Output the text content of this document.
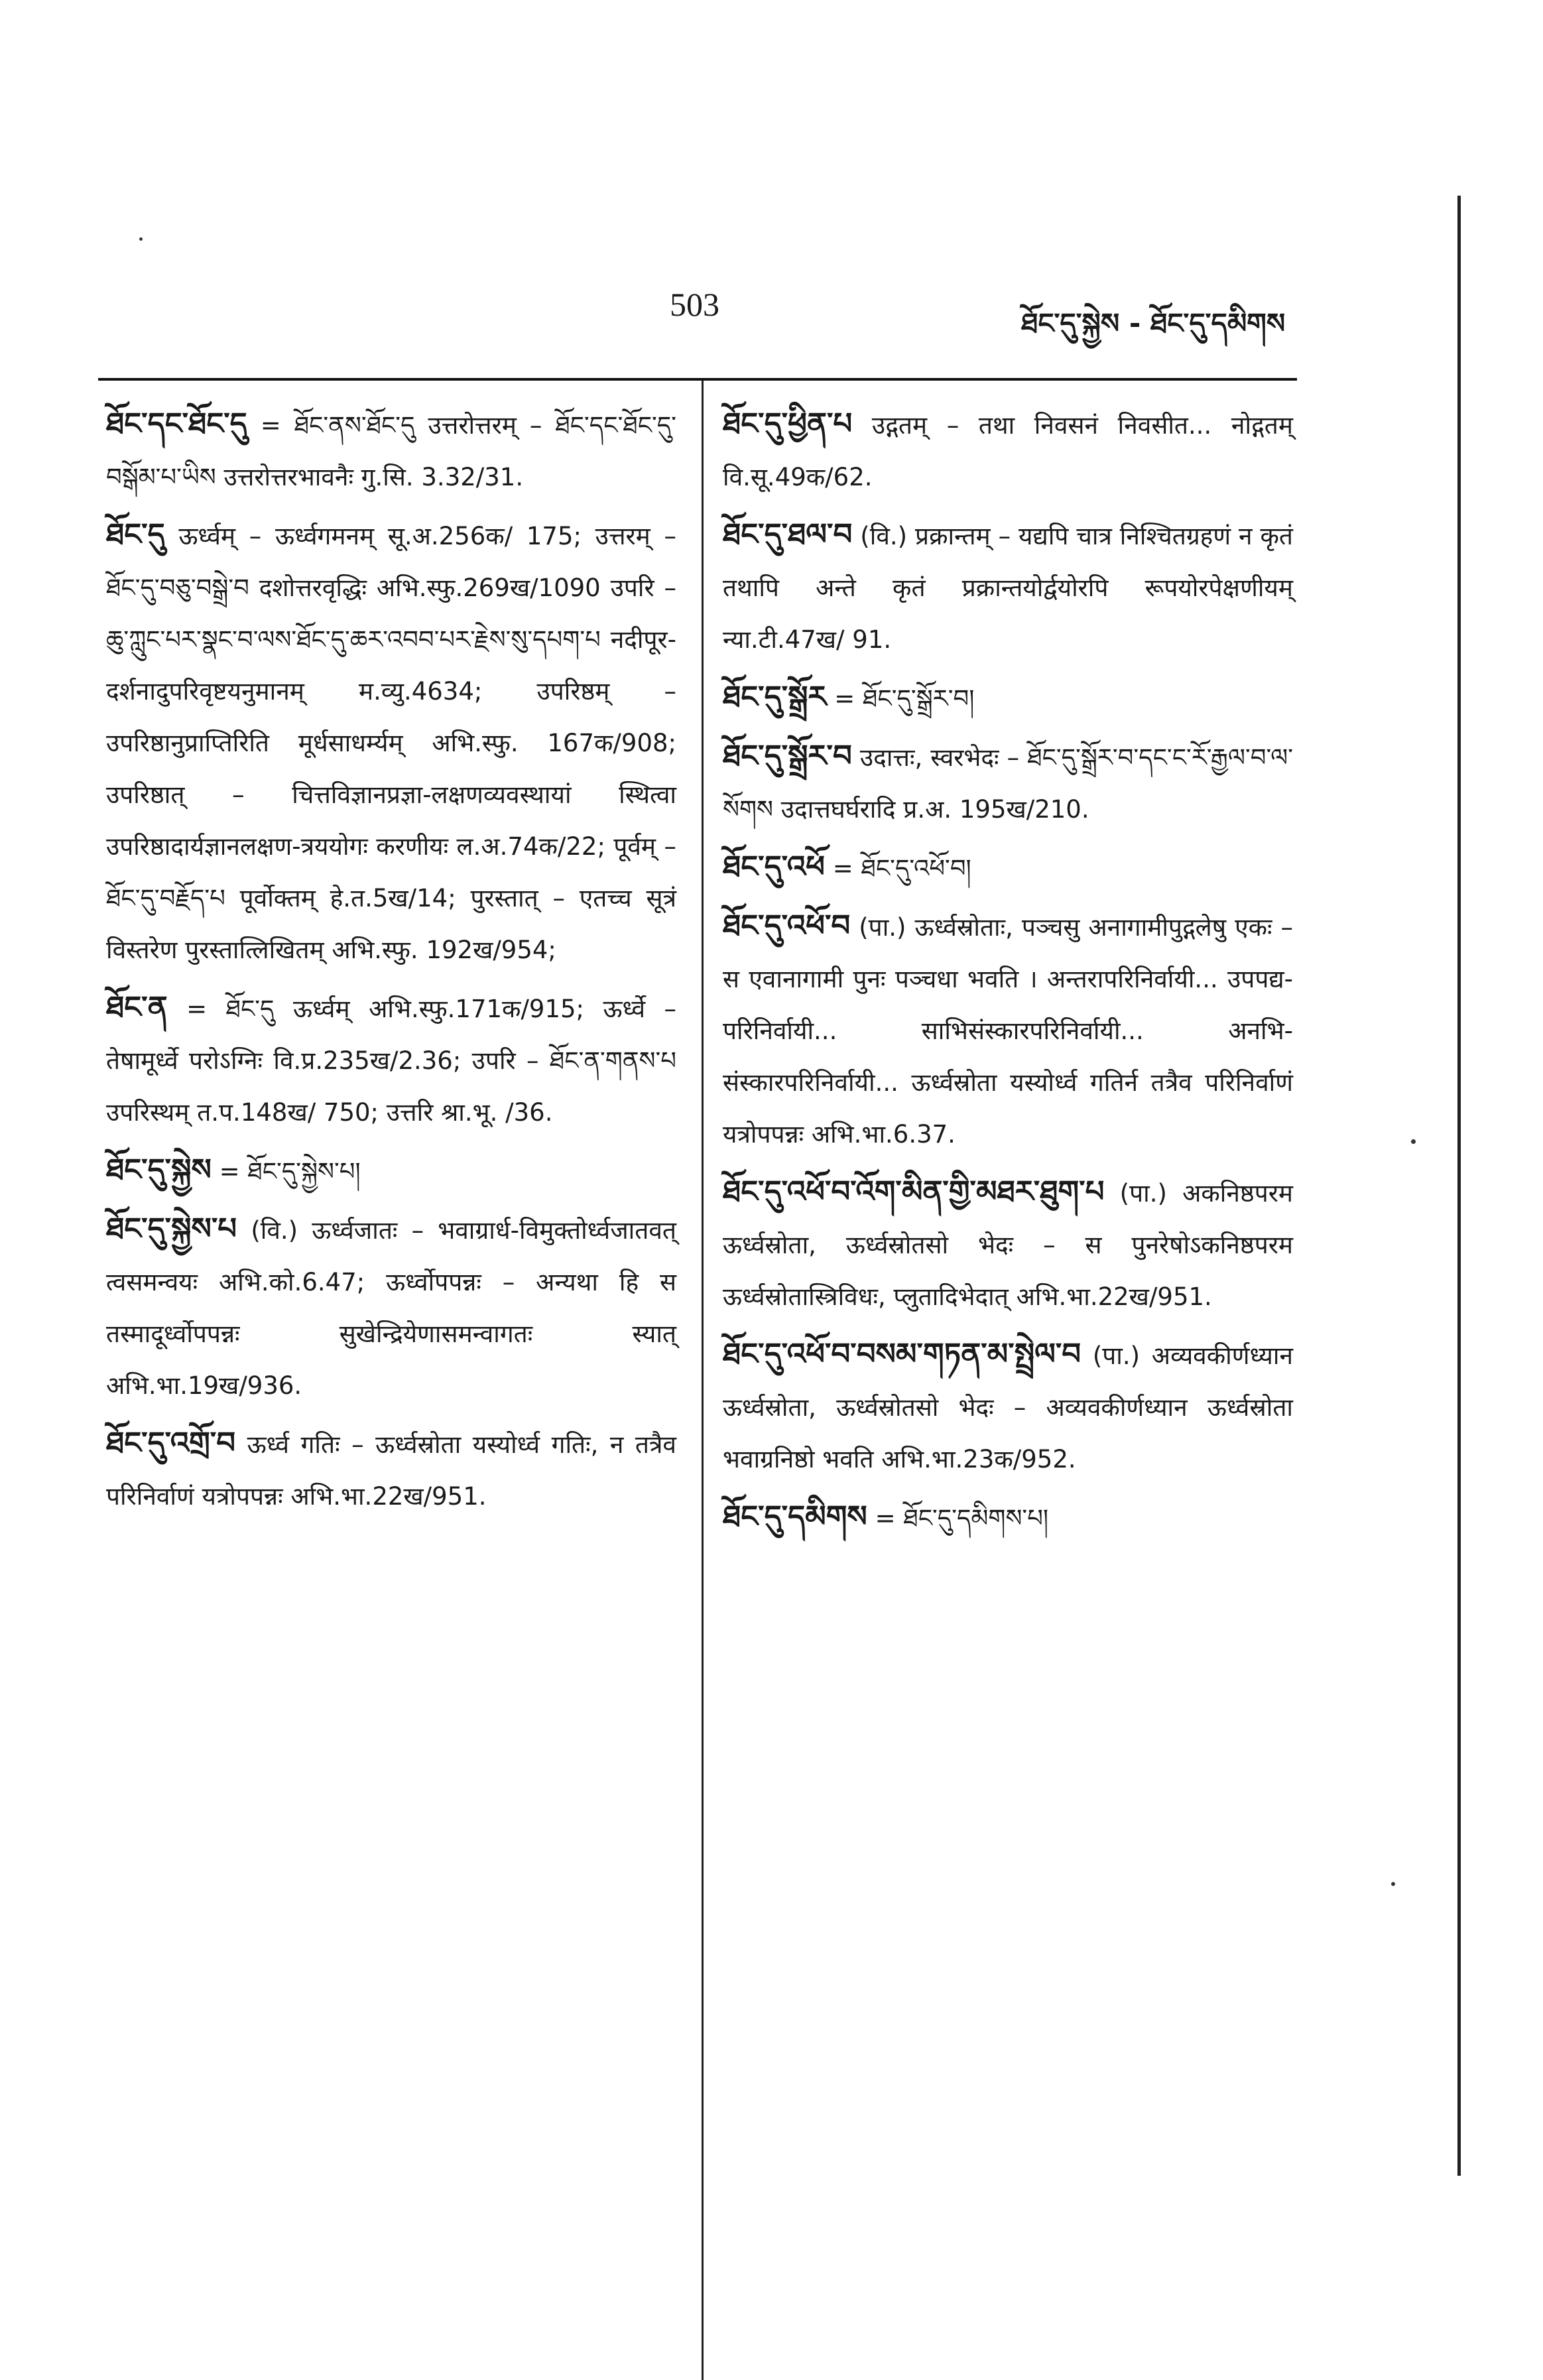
503
ཐོང་དུ་སྐྱེས - ཐོང་དུ་དམིགས
ཐོང་དང་ཐོང་དུ = ཐོང་ནས་ཐོང་དུ उत्तरोत्तरम् – ཐོང་དང་ཐོང་དུ་བསྒོམ་པ་ཡིས उत्तरोत्तरभावनैः गु.सि. 3.32/31.
ཐོང་དུ ऊर्ध्वम् – ऊर्ध्वगमनम् सू.अ.256क/ 175; उत्तरम् – ཐོང་དུ་བཅུ་བསྒྲེ་བ दशोत्तरवृद्धिः अभि.स्फु.269ख/1090 उपरि – ཆུ་ཀླུང་པར་སྣང་བ་ལས་ཐོང་དུ་ཆར་འབབ་པར་རྗེས་སུ་དཔག་པ नदीपूर-दर्शनादुपरिवृष्टयनुमानम् म.व्यु.4634; उपरिष्ठम् – उपरिष्ठानुप्राप्तिरिति मूर्धसाधर्म्यम् अभि.स्फु. 167क/908; उपरिष्ठात् – चित्तविज्ञानप्रज्ञा-लक्षणव्यवस्थायां स्थित्वा उपरिष्ठादार्यज्ञानलक्षण-त्रययोगः करणीयः ल.अ.74क/22; पूर्वम् – ཐོང་དུ་བརྗོད་པ पूर्वोक्तम् हे.त.5ख/14; पुरस्तात् – एतच्च सूत्रं विस्तरेण पुरस्तात्लिखितम् अभि.स्फु. 192ख/954;
ཐོང་ན = ཐོང་དུ ऊर्ध्वम् अभि.स्फु.171क/915; ऊर्ध्वे – तेषामूर्ध्वे परोऽग्निः वि.प्र.235ख/2.36; उपरि – ཐོང་ན་གནས་པ उपरिस्थम् त.प.148ख/ 750; उत्तरि श्रा.भू. /36.
ཐོང་དུ་སྐྱེས = ཐོང་དུ་སྐྱེས་པ།
ཐོང་དུ་སྐྱེས་པ (वि.) ऊर्ध्वजातः – भवाग्रार्ध-विमुक्तोर्ध्वजातवत् त्वसमन्वयः अभि.को.6.47; ऊर्ध्वोपपन्नः – अन्यथा हि स तस्मादूर्ध्वोपपन्नः सुखेन्द्रियेणासमन्वागतः स्यात् अभि.भा.19ख/936.
ཐོང་དུ་འགྲོ་བ ऊर्ध्व गतिः – ऊर्ध्वस्रोता यस्योर्ध्व गतिः, न तत्रैव परिनिर्वाणं यत्रोपपन्नः अभि.भा.22ख/951.
ཐོང་དུ་ཕྱིན་པ उद्गतम् – तथा निवसनं निवसीत... नोद्गतम् वि.सू.49क/62.
ཐོང་དུ་ཐལ་བ (वि.) प्रक्रान्तम् – यद्यपि चात्र निश्चितग्रहणं न कृतं तथापि अन्ते कृतं प्रक्रान्तयोर्द्वयोरपि रूपयोरपेक्षणीयम् न्या.टी.47ख/ 91.
ཐོང་དུ་སྒྲོར = ཐོང་དུ་སྒྲོར་བ།
ཐོང་དུ་སྒྲོར་བ उदात्तः, स्वरभेदः – ཐོང་དུ་སྒྲོར་བ་དང་ང་རོ་རྒྱལ་བ་ལ་སོགས उदात्तघर्घरादि प्र.अ. 195ख/210.
ཐོང་དུ་འཕོ = ཐོང་དུ་འཕོ་བ།
ཐོང་དུ་འཕོ་བ (पा.) ऊर्ध्वस्रोताः, पञ्चसु अनागामीपुद्गलेषु एकः – स एवानागामी पुनः पञ्चधा भवति । अन्तरापरिनिर्वायी... उपपद्य-परिनिर्वायी... साभिसंस्कारपरिनिर्वायी... अनभि-संस्कारपरिनिर्वायी... ऊर्ध्वस्रोता यस्योर्ध्व गतिर्न तत्रैव परिनिर्वाणं यत्रोपपन्नः अभि.भा.6.37.
ཐོང་དུ་འཕོ་བ་འོག་མིན་གྱི་མཐར་ཐུག་པ (पा.) अकनिष्ठपरम ऊर्ध्वस्रोता, ऊर्ध्वस्रोतसो भेदः – स पुनरेषोऽकनिष्ठपरम ऊर्ध्वस्रोतास्त्रिविधः, प्लुतादिभेदात् अभि.भा.22ख/951.
ཐོང་དུ་འཕོ་བ་བསམ་གཏན་མ་སྤྲེལ་བ (पा.) अव्यवकीर्णध्यान ऊर्ध्वस्रोता, ऊर्ध्वस्रोतसो भेदः – अव्यवकीर्णध्यान ऊर्ध्वस्रोता भवाग्रनिष्ठो भवति अभि.भा.23क/952.
ཐོང་དུ་དམིགས = ཐོང་དུ་དམིགས་པ།
